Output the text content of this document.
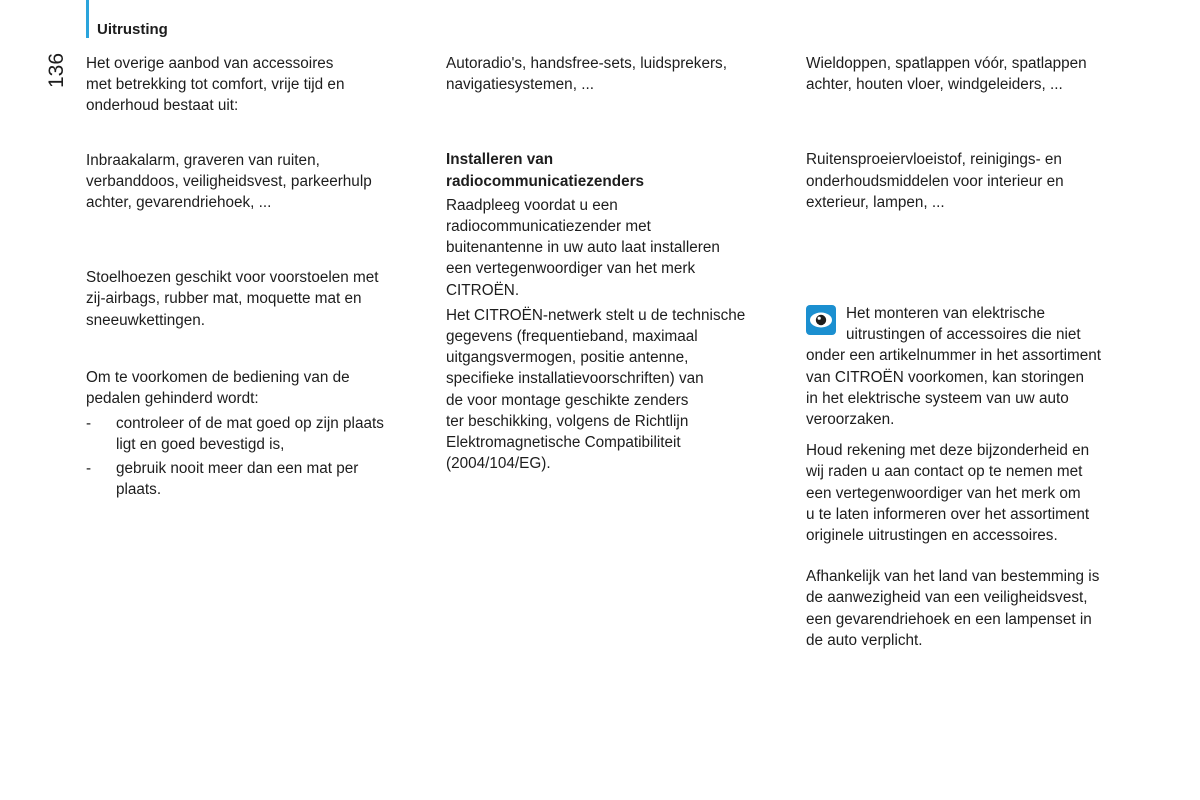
Uitrusting
136	Het overige aanbod van accessoires
met betrekking tot comfort, vrije tijd en
onderhoud bestaat uit:

Inbraakalarm, graveren van ruiten,
verbanddoos, veiligheidsvest, parkeerhulp
achter, gevarendriehoek, ...

Stoelhoezen geschikt voor voorstoelen met
zij-airbags, rubber mat, moquette mat en
sneeuwkettingen.

Om te voorkomen de bediening van de
pedalen gehinderd wordt:

-	controleer of de mat goed op zijn plaats
ligt en goed bevestigd is,
-	gebruik nooit meer dan een mat per
plaats.

Autoradio's, handsfree-sets, luidsprekers,
navigatiesystemen, ...

Installeren van
radiocommunicatiezenders

Raadpleeg voordat u een
radiocommunicatiezender met
buitenantenne in uw auto laat installeren
een vertegenwoordiger van het merk
CITROËN.

Het CITROËN-netwerk stelt u de technische
gegevens (frequentieband, maximaal
uitgangsvermogen, positie antenne,
specifieke installatievoorschriften) van
de voor montage geschikte zenders
ter beschikking, volgens de Richtlijn
Elektromagnetische Compatibiliteit
(2004/104/EG).

Wieldoppen, spatlappen vóór, spatlappen
achter, houten vloer, windgeleiders, ...

Ruitensproeiervloeistof, reinigings- en
onderhoudsmiddelen voor interieur en
exterieur, lampen, ...

Het monteren van elektrische
uitrustingen of accessoires die niet
onder een artikelnummer in het assortiment
van CITROËN voorkomen, kan storingen
in het elektrische systeem van uw auto
veroorzaken.

Houd rekening met deze bijzonderheid en
wij raden u aan contact op te nemen met
een vertegenwoordiger van het merk om
u te laten informeren over het assortiment
originele uitrustingen en accessoires.

Afhankelijk van het land van bestemming is
de aanwezigheid van een veiligheidsvest,
een gevarendriehoek en een lampenset in
de auto verplicht.
